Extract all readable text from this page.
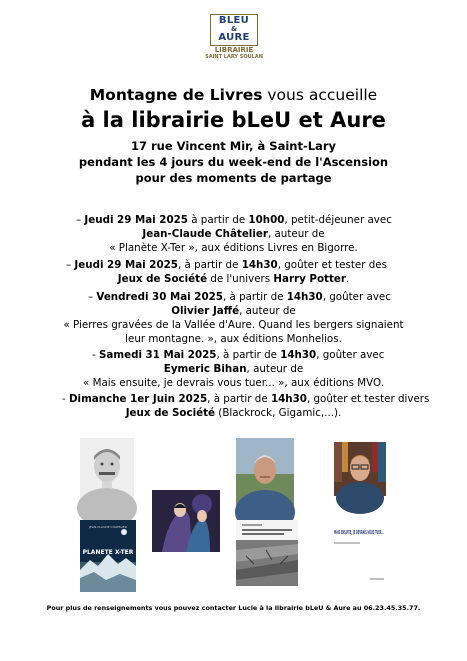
BLEU
&
AURE
LIBRAIRIE
SAINT LARY SOULAN
Montagne de Livres vous accueille
à la librairie bLeU et Aure
17 rue Vincent Mir, à Saint-Lary
pendant les 4 jours du week-end de l'Ascension
pour des moments de partage
– Jeudi 29 Mai 2025 à partir de 10h00, petit-déjeuner avec
Jean-Claude Châtelier, auteur de
« Planète X-Ter », aux éditions Livres en Bigorre.
– Jeudi 29 Mai 2025, à partir de 14h30, goûter et tester des
Jeux de Société de l'univers Harry Potter.
– Vendredi 30 Mai 2025, à partir de 14h30, goûter avec
Olivier Jaffé, auteur de
« Pierres gravées de la Vallée d'Aure. Quand les bergers signaient
leur montagne. », aux éditions Monhelios.
- Samedi 31 Mai 2025, à partir de 14h30, goûter avec
Eymeric Bihan, auteur de
« Mais ensuite, je devrais vous tuer... », aux éditions MVO.
- Dimanche 1er Juin 2025, à partir de 14h30, goûter et tester divers
Jeux de Société (Blackrock, Gigamic,...).
JEAN-CLAUDE CHATELIER
PLANETE X-TER
MAIS ENSUITE, JE DEVRAIS VOUS TUER...
Pour plus de renseignements vous pouvez contacter Lucie à la librairie bLeU & Aure au 06.23.45.35.77.
